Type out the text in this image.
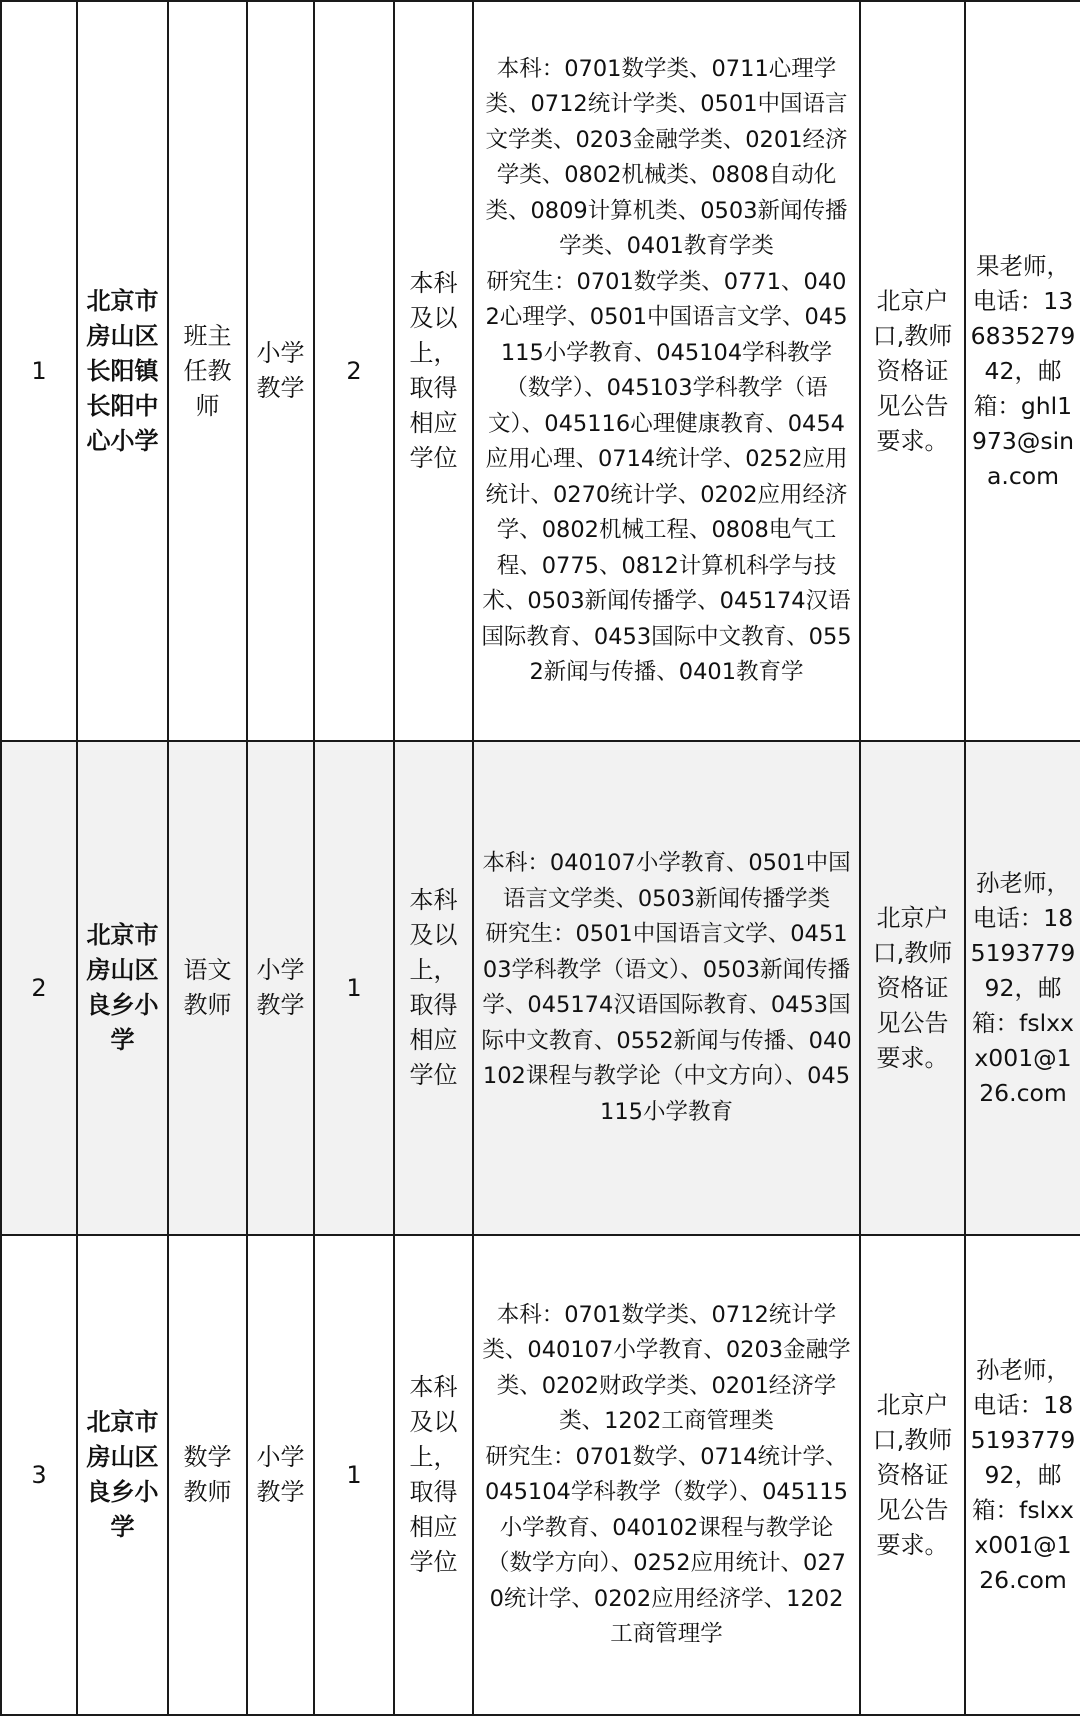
1	北京市房山区长阳镇长阳中心小学	班主任教师	小学教学	2	本科及以上，取得相应学位	本科：0701数学类、0711心理学类、0712统计学类、0501中国语言文学类、0203金融学类、0201经济学类、0802机械类、0808自动化类、0809计算机类、0503新闻传播学类、0401教育学类
研究生：0701数学类、0771、0402心理学、0501中国语言文学、045115小学教育、045104学科教学（数学）、045103学科教学（语文）、045116心理健康教育、0454应用心理、0714统计学、0252应用统计、0270统计学、0202应用经济学、0802机械工程、0808电气工程、0775、0812计算机科学与技术、0503新闻传播学、045174汉语国际教育、0453国际中文教育、0552新闻与传播、0401教育学	北京户口,教师资格证见公告要求。	果老师，电话：13683527942，邮箱：ghl1973@sina.com
2	北京市房山区良乡小学	语文教师	小学教学	1	本科及以上，取得相应学位	本科：040107小学教育、0501中国语言文学类、0503新闻传播学类
研究生：0501中国语言文学、045103学科教学（语文）、0503新闻传播学、045174汉语国际教育、0453国际中文教育、0552新闻与传播、040102课程与教学论（中文方向）、045115小学教育	北京户口,教师资格证见公告要求。	孙老师，电话：18519377992，邮箱：fslxxx001@126.com
3	北京市房山区良乡小学	数学教师	小学教学	1	本科及以上，取得相应学位	本科：0701数学类、0712统计学类、040107小学教育、0203金融学类、0202财政学类、0201经济学类、1202工商管理类
研究生：0701数学、0714统计学、045104学科教学（数学）、045115小学教育、040102课程与教学论（数学方向）、0252应用统计、0270统计学、0202应用经济学、1202工商管理学	北京户口,教师资格证见公告要求。	孙老师，电话：18519377992，邮箱：fslxxx001@126.com
